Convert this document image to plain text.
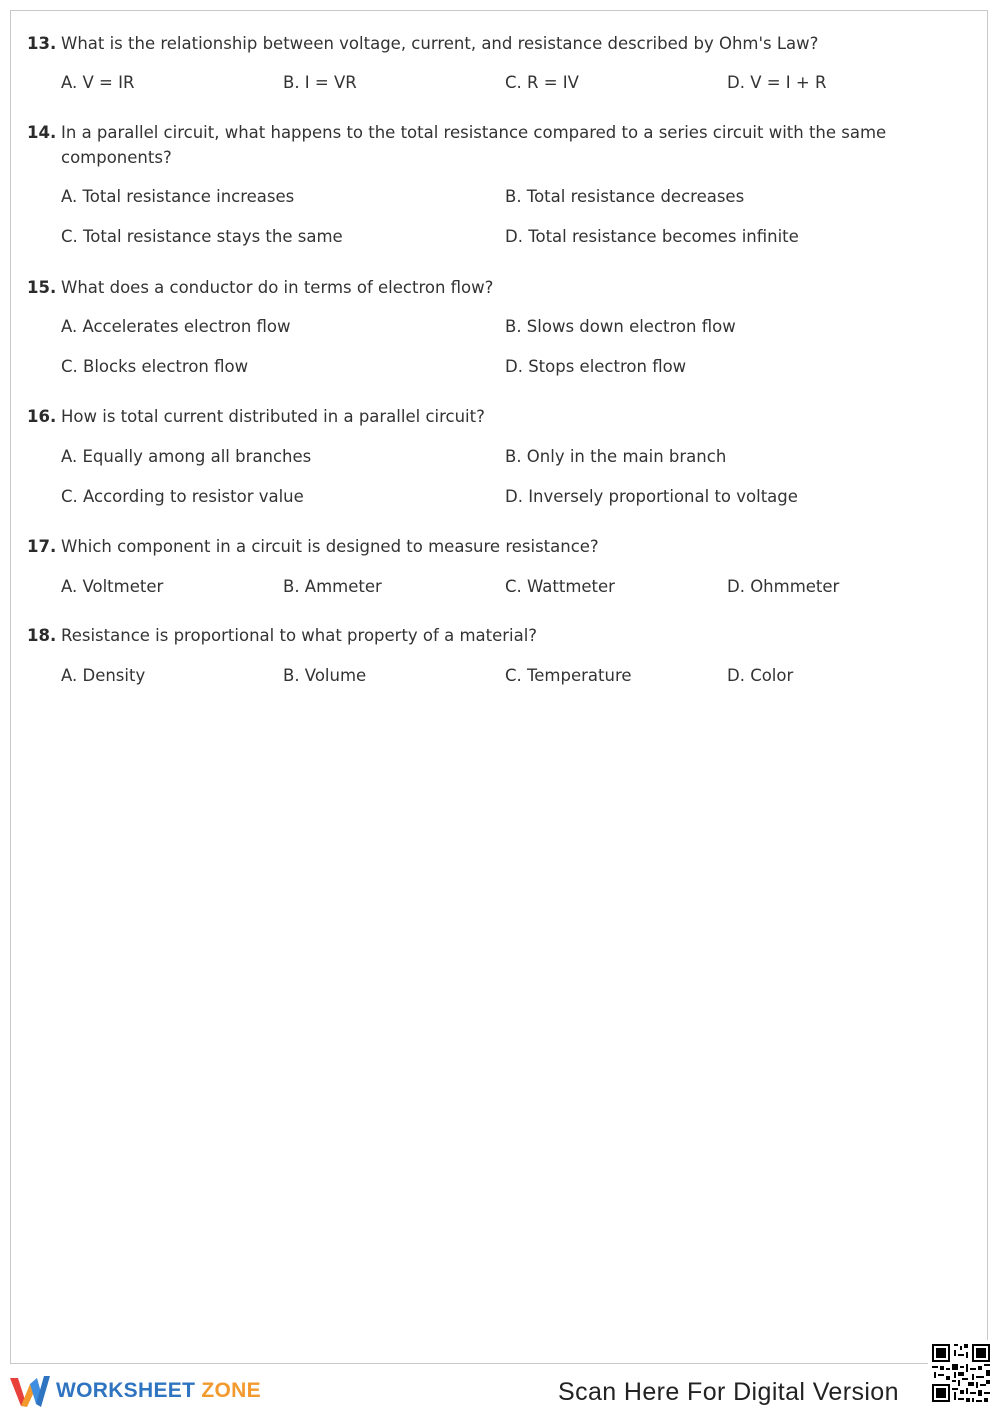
13. What is the relationship between voltage, current, and resistance described by Ohm's Law?
A. V = IR	B. I = VR	C. R = IV	D. V = I + R
14. In a parallel circuit, what happens to the total resistance compared to a series circuit with the same components?
A. Total resistance increases	B. Total resistance decreases
C. Total resistance stays the same	D. Total resistance becomes infinite
15. What does a conductor do in terms of electron flow?
A. Accelerates electron flow	B. Slows down electron flow
C. Blocks electron flow	D. Stops electron flow
16. How is total current distributed in a parallel circuit?
A. Equally among all branches	B. Only in the main branch
C. According to resistor value	D. Inversely proportional to voltage
17. Which component in a circuit is designed to measure resistance?
A. Voltmeter	B. Ammeter	C. Wattmeter	D. Ohmmeter
18. Resistance is proportional to what property of a material?
A. Density	B. Volume	C. Temperature	D. Color
WORKSHEET ZONE	Scan Here For Digital Version
